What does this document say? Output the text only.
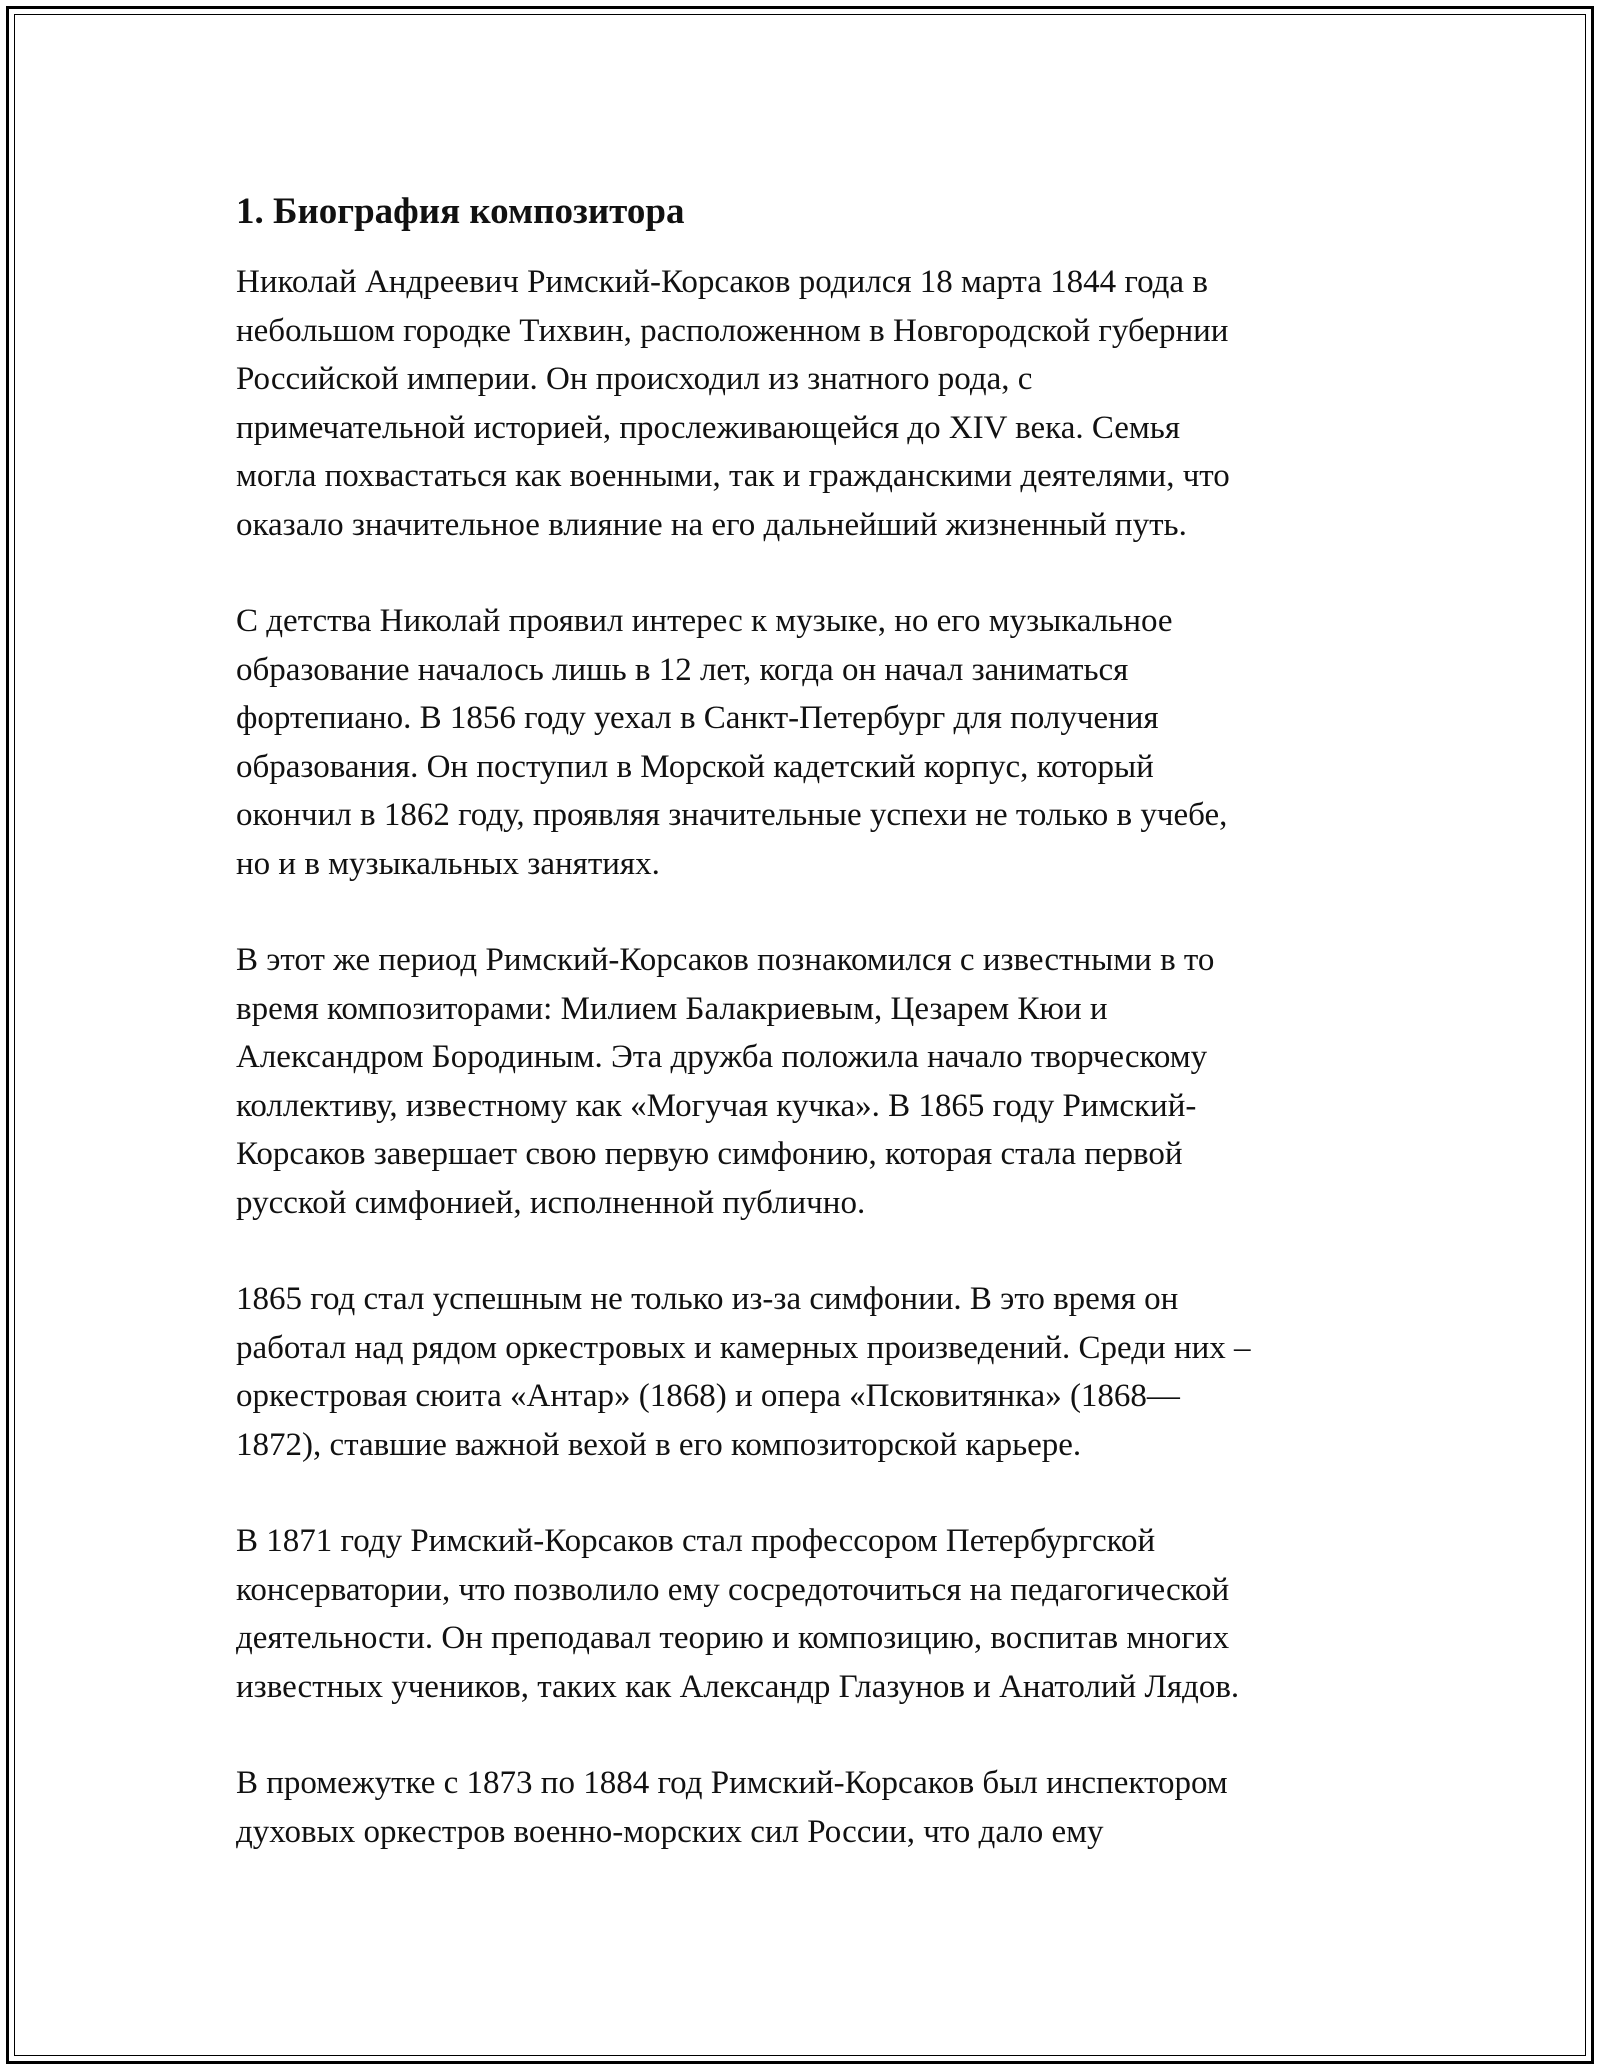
1. Биография композитора
Николай Андреевич Римский-Корсаков родился 18 марта 1844 года в
небольшом городке Тихвин, расположенном в Новгородской губернии
Российской империи. Он происходил из знатного рода, с
примечательной историей, прослеживающейся до XIV века. Семья
могла похвастаться как военными, так и гражданскими деятелями, что
оказало значительное влияние на его дальнейший жизненный путь.
С детства Николай проявил интерес к музыке, но его музыкальное
образование началось лишь в 12 лет, когда он начал заниматься
фортепиано. В 1856 году уехал в Санкт-Петербург для получения
образования. Он поступил в Морской кадетский корпус, который
окончил в 1862 году, проявляя значительные успехи не только в учебе,
но и в музыкальных занятиях.
В этот же период Римский-Корсаков познакомился с известными в то
время композиторами: Милием Балакриевым, Цезарем Кюи и
Александром Бородиным. Эта дружба положила начало творческому
коллективу, известному как «Могучая кучка». В 1865 году Римский-
Корсаков завершает свою первую симфонию, которая стала первой
русской симфонией, исполненной публично.
1865 год стал успешным не только из-за симфонии. В это время он
работал над рядом оркестровых и камерных произведений. Среди них –
оркестровая сюита «Антар» (1868) и опера «Псковитянка» (1868—
1872), ставшие важной вехой в его композиторской карьере.
В 1871 году Римский-Корсаков стал профессором Петербургской
консерватории, что позволило ему сосредоточиться на педагогической
деятельности. Он преподавал теорию и композицию, воспитав многих
известных учеников, таких как Александр Глазунов и Анатолий Лядов.
В промежутке с 1873 по 1884 год Римский-Корсаков был инспектором
духовых оркестров военно-морских сил России, что дало ему
